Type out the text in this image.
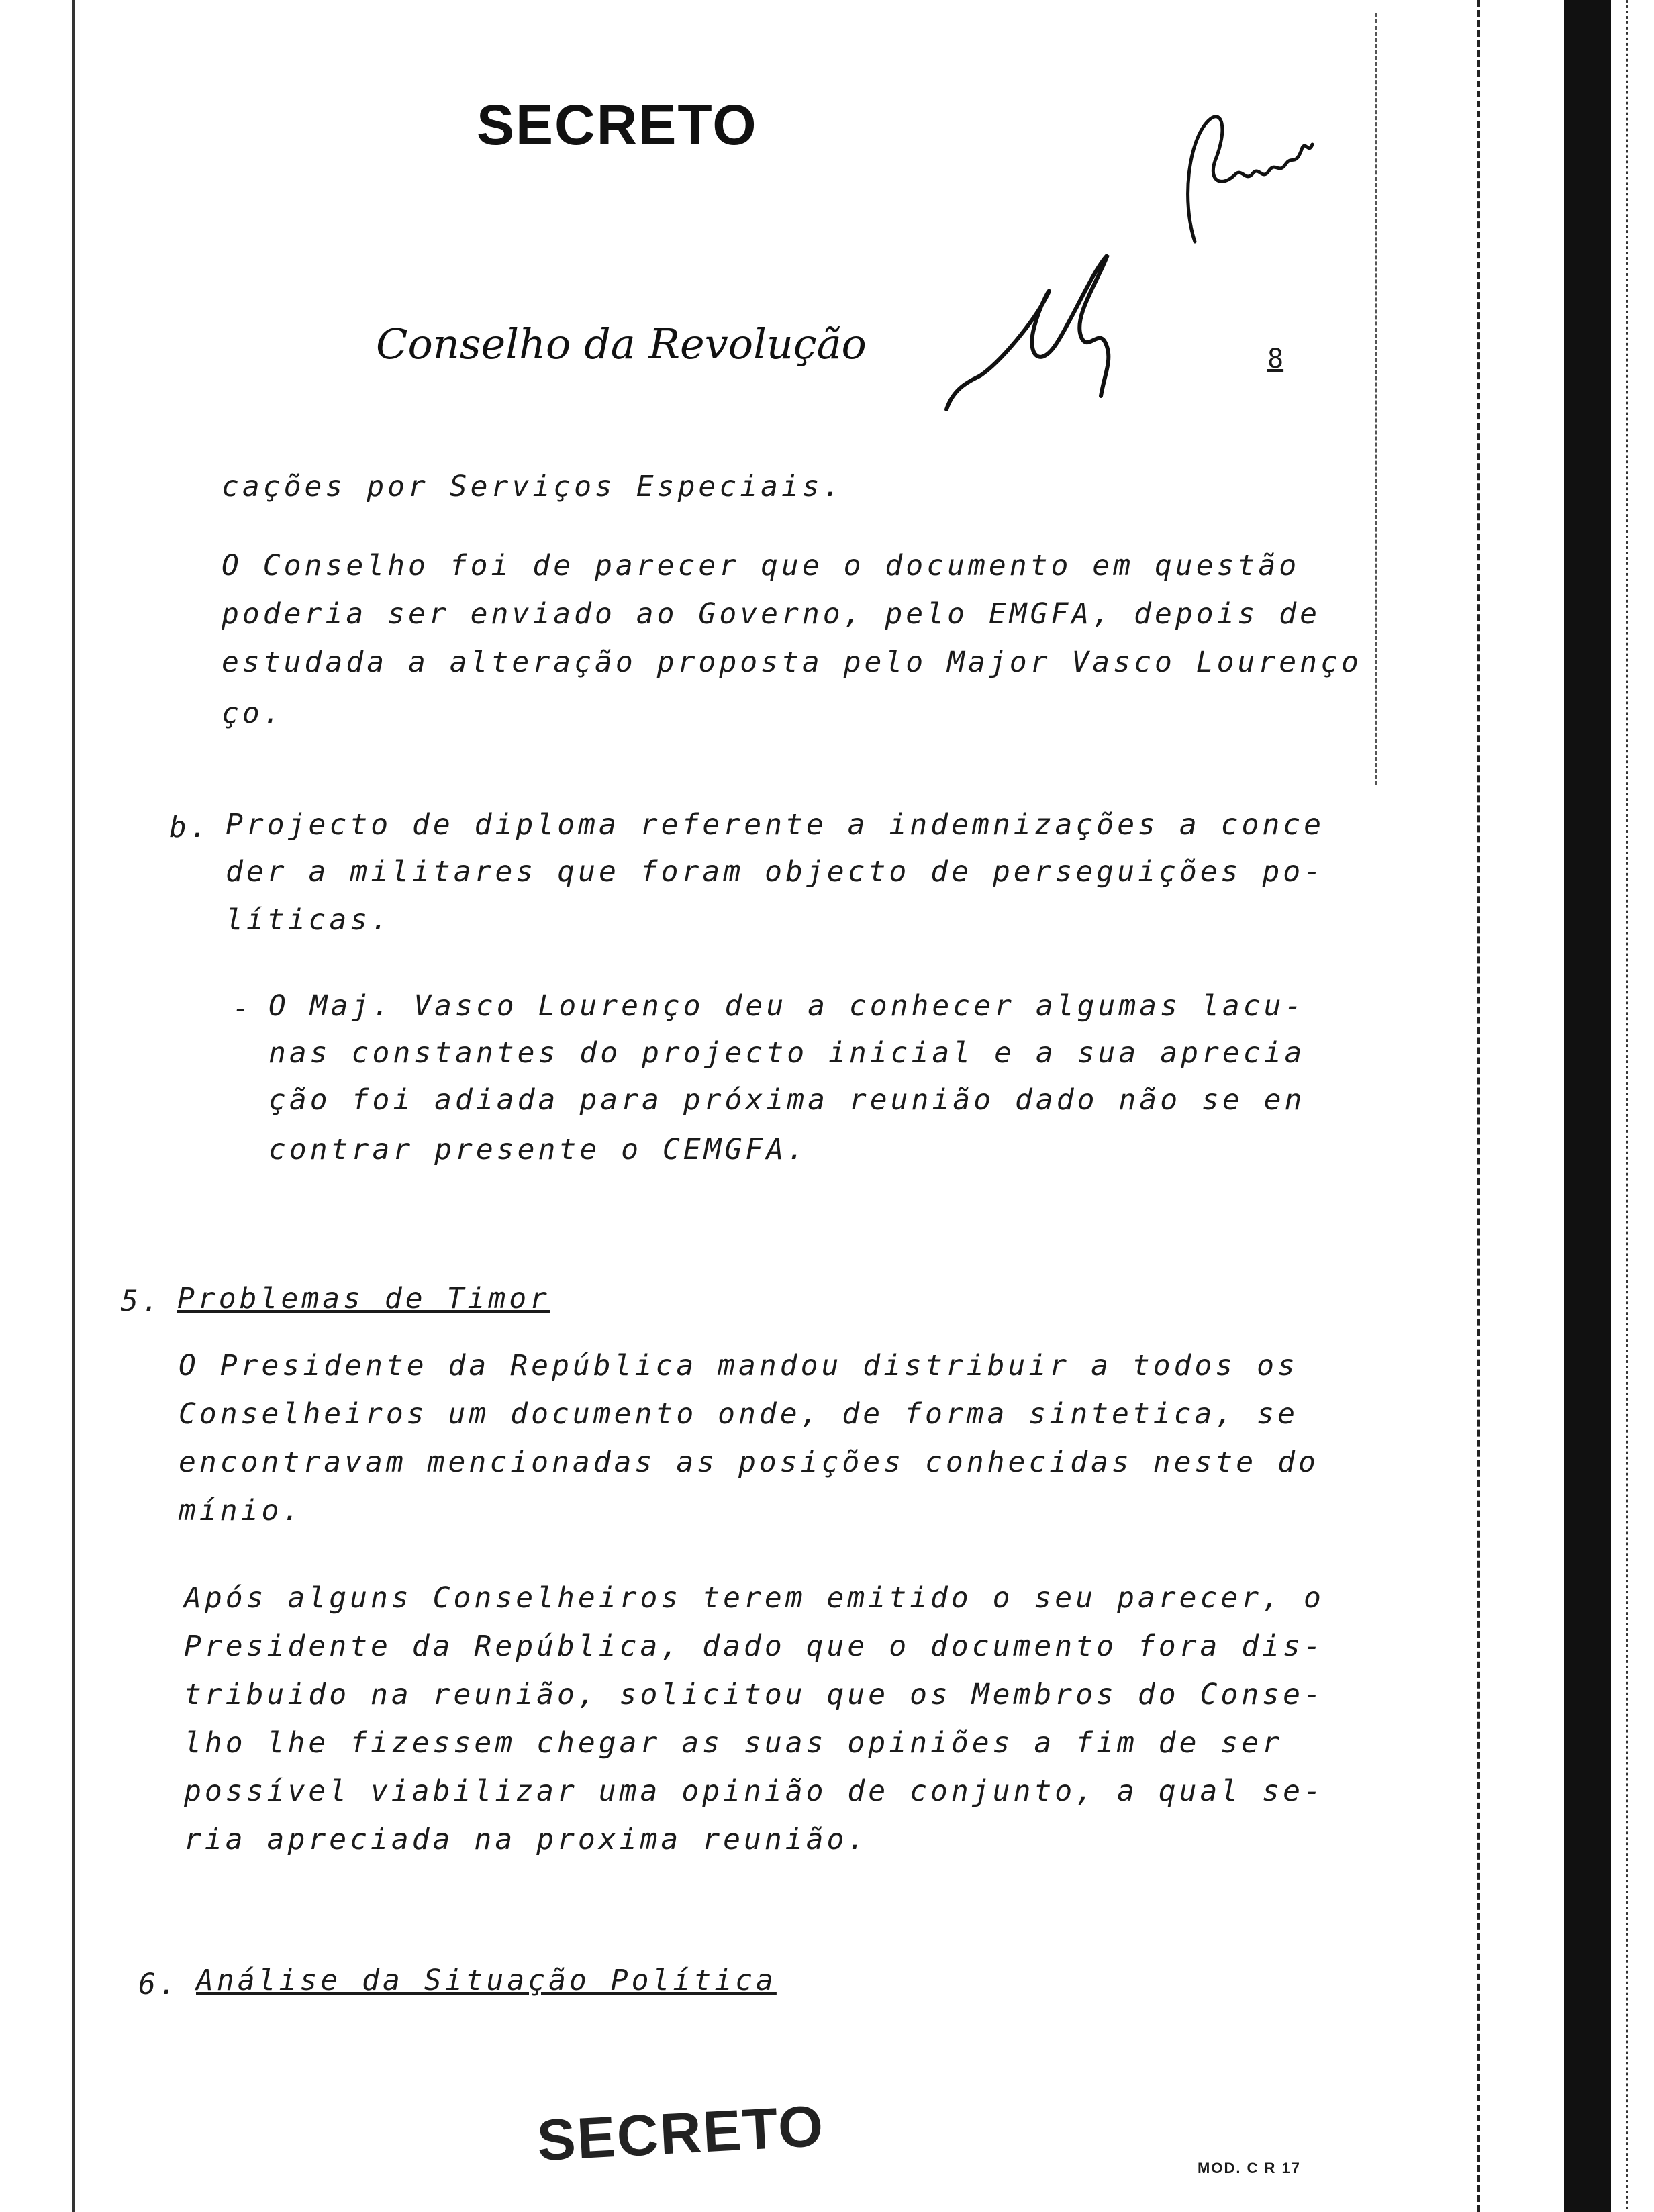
SECRETO
Conselho da Revolução	8
cações por Serviços Especiais.
O Conselho foi de parecer que o documento em questão
poderia ser enviado ao Governo, pelo EMGFA, depois de
estudada a alteração proposta pelo Major Vasco Lourenço
ço.
b. Projecto de diploma referente a indemnizações a conce
der a militares que foram objecto de perseguições po-
líticas.
- O Maj. Vasco Lourenço deu a conhecer algumas lacu-
nas constantes do projecto inicial e a sua aprecia
ção foi adiada para próxima reunião dado não se en
contrar presente o CEMGFA.
5. Problemas de Timor
O Presidente da República mandou distribuir a todos os
Conselheiros um documento onde, de forma sintetica, se
encontravam mencionadas as posições conhecidas neste do
mínio.
Após alguns Conselheiros terem emitido o seu parecer, o
Presidente da República, dado que o documento fora dis-
tribuido na reunião, solicitou que os Membros do Conse-
lho lhe fizessem chegar as suas opiniões a fim de ser
possível viabilizar uma opinião de conjunto, a qual se-
ria apreciada na proxima reunião.
6. Análise da Situação Política
SECRETO	MOD. C R 17
